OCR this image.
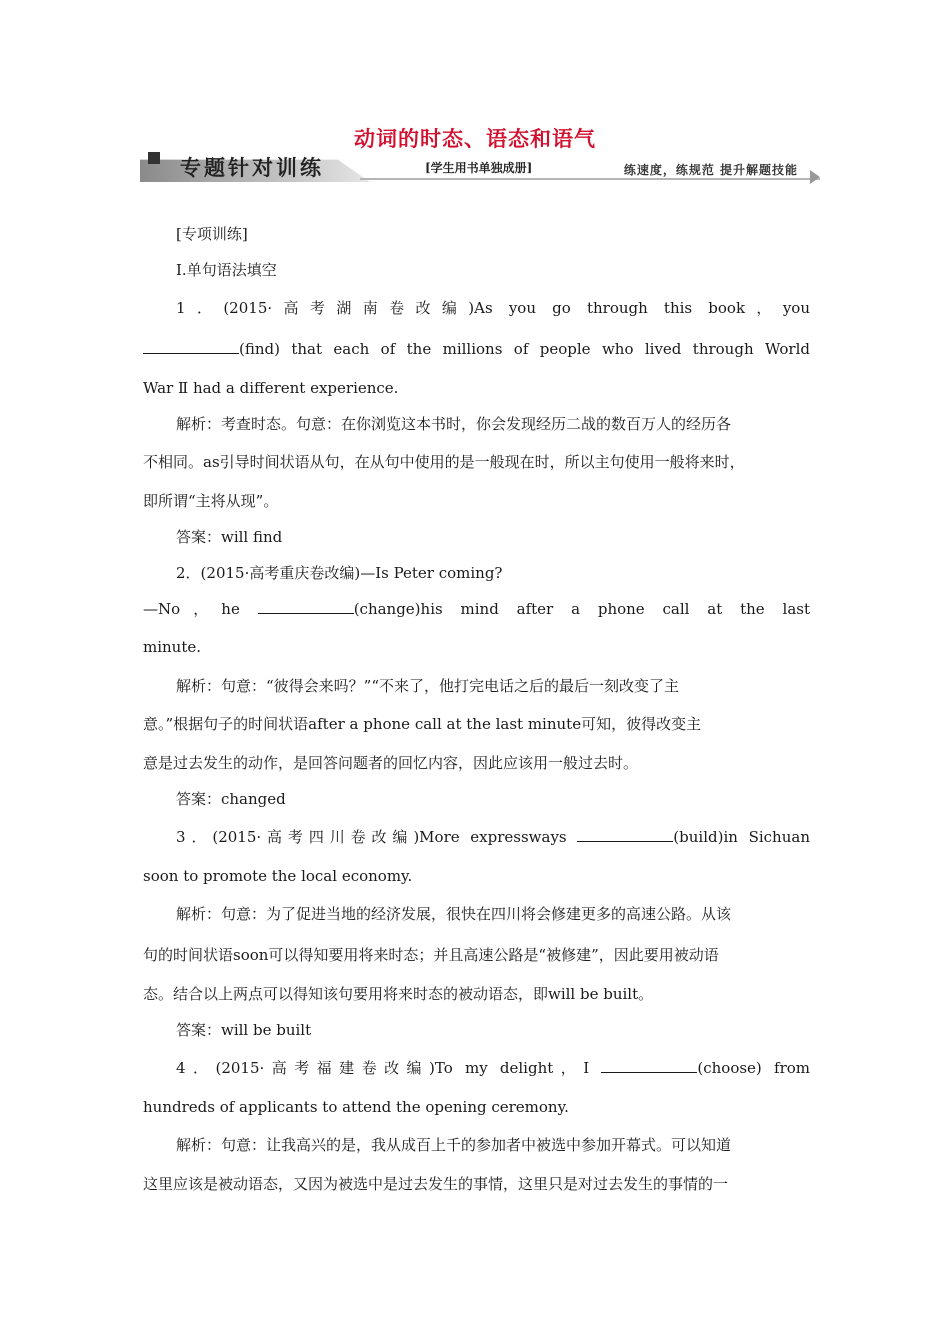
动词的时态、语态和语气
专题针对训练	[学生用书单独成册]	练速度，练规范 提升解题技能

[专项训练]

Ⅰ.单句语法填空

1．(2015·高考湖南卷改编)As you go through this book，you

(find) that each of the millions of people who lived through World

War Ⅱ had a different experience.

解析：考查时态。句意：在你浏览这本书时，你会发现经历二战的数百万人的经历各

不相同。as引导时间状语从句，在从句中使用的是一般现在时，所以主句使用一般将来时，

即所谓“主将从现”。

答案：will find

2．(2015·高考重庆卷改编)—Is Peter coming?

—No，he	(change)his mind after a phone call at the last

minute.

解析：句意：“彼得会来吗？”“不来了，他打完电话之后的最后一刻改变了主

意。”根据句子的时间状语after a phone call at the last minute可知，彼得改变主

意是过去发生的动作，是回答问题者的回忆内容，因此应该用一般过去时。

答案：changed

3．(2015·高考四川卷改编)More expressways	(build)in Sichuan

soon to promote the local economy.

解析：句意：为了促进当地的经济发展，很快在四川将会修建更多的高速公路。从该

句的时间状语soon可以得知要用将来时态；并且高速公路是“被修建”，因此要用被动语

态。结合以上两点可以得知该句要用将来时态的被动语态，即will be built。

答案：will be built

4．(2015·高考福建卷改编)To my delight，I	(choose) from

hundreds of applicants to attend the opening ceremony.

解析：句意：让我高兴的是，我从成百上千的参加者中被选中参加开幕式。可以知道

这里应该是被动语态，又因为被选中是过去发生的事情，这里只是对过去发生的事情的一
